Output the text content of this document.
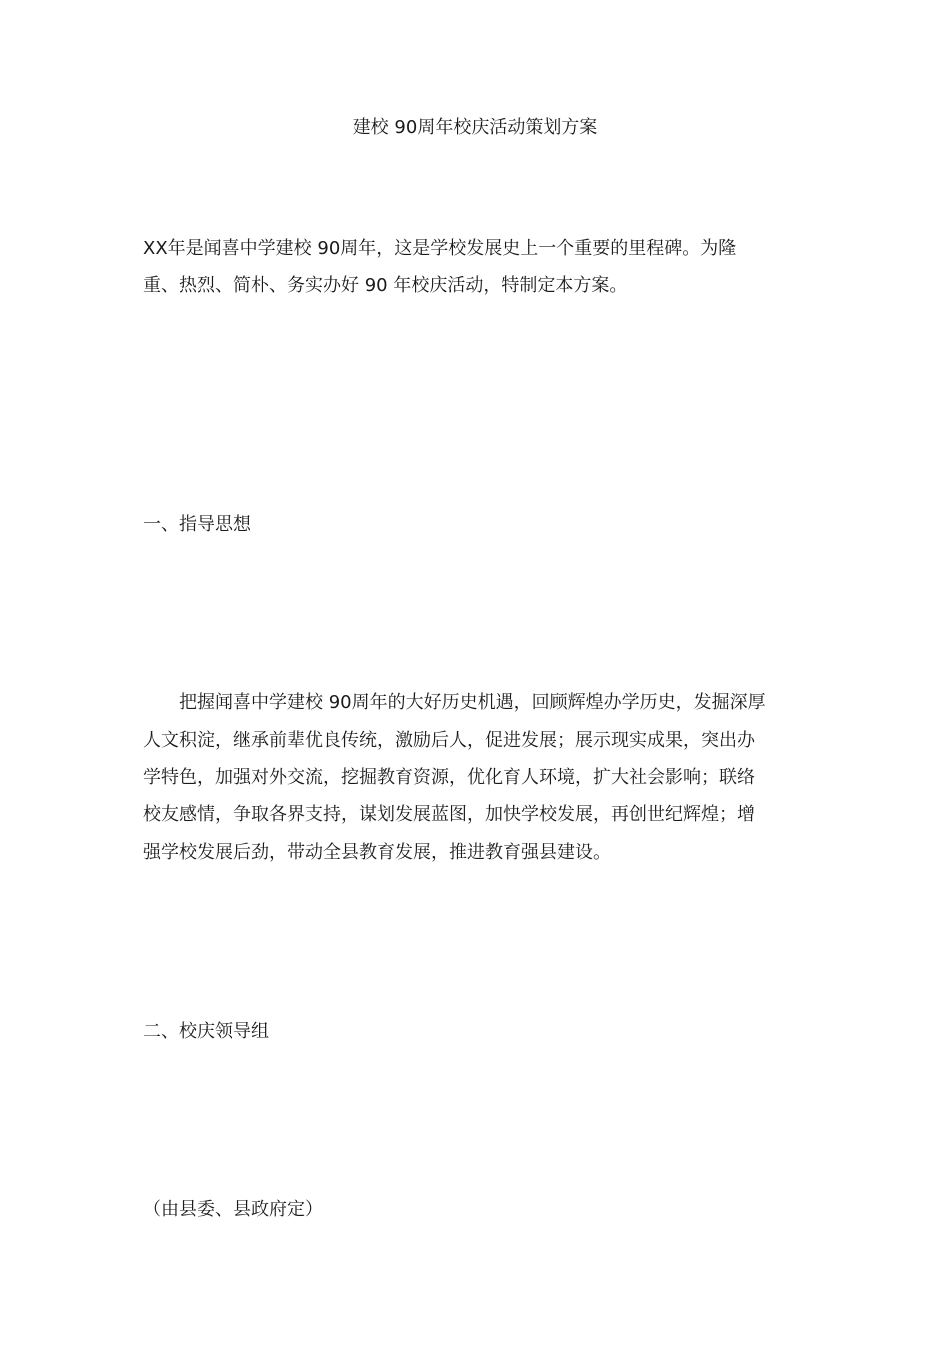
建校 90周年校庆活动策划方案
XX年是闻喜中学建校 90周年，这是学校发展史上一个重要的里程碑。为隆
重、热烈、简朴、务实办好 90 年校庆活动，特制定本方案。
一、指导思想
　　把握闻喜中学建校 90周年的大好历史机遇，回顾辉煌办学历史，发掘深厚
人文积淀，继承前辈优良传统，激励后人，促进发展；展示现实成果，突出办
学特色，加强对外交流，挖掘教育资源，优化育人环境，扩大社会影响；联络
校友感情，争取各界支持，谋划发展蓝图，加快学校发展，再创世纪辉煌；增
强学校发展后劲，带动全县教育发展，推进教育强县建设。
二、校庆领导组
（由县委、县政府定）
